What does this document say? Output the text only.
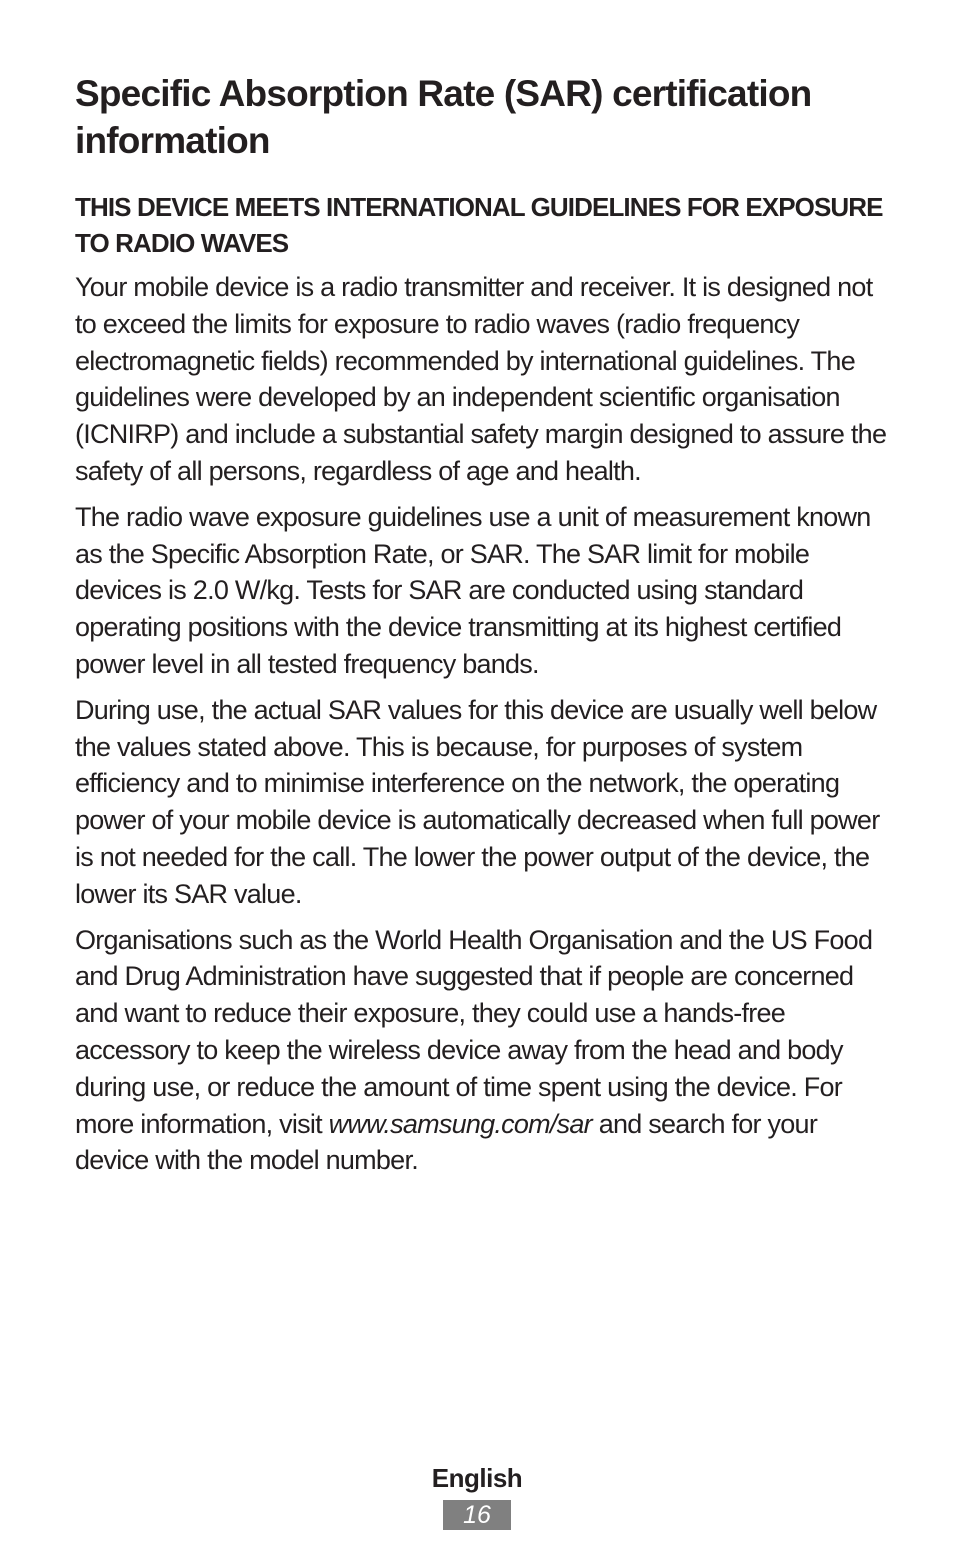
Specific Absorption Rate (SAR) certification information
THIS DEVICE MEETS INTERNATIONAL GUIDELINES FOR EXPOSURE TO RADIO WAVES

Your mobile device is a radio transmitter and receiver. It is designed not to exceed the limits for exposure to radio waves (radio frequency electromagnetic fields) recommended by international guidelines. The guidelines were developed by an independent scientific organisation (ICNIRP) and include a substantial safety margin designed to assure the safety of all persons, regardless of age and health.

The radio wave exposure guidelines use a unit of measurement known as the Specific Absorption Rate, or SAR. The SAR limit for mobile devices is 2.0 W/kg. Tests for SAR are conducted using standard operating positions with the device transmitting at its highest certified power level in all tested frequency bands.

During use, the actual SAR values for this device are usually well below the values stated above. This is because, for purposes of system efficiency and to minimise interference on the network, the operating power of your mobile device is automatically decreased when full power is not needed for the call. The lower the power output of the device, the lower its SAR value.

Organisations such as the World Health Organisation and the US Food and Drug Administration have suggested that if people are concerned and want to reduce their exposure, they could use a hands-free accessory to keep the wireless device away from the head and body during use, or reduce the amount of time spent using the device. For more information, visit www.samsung.com/sar and search for your device with the model number.

English
16
